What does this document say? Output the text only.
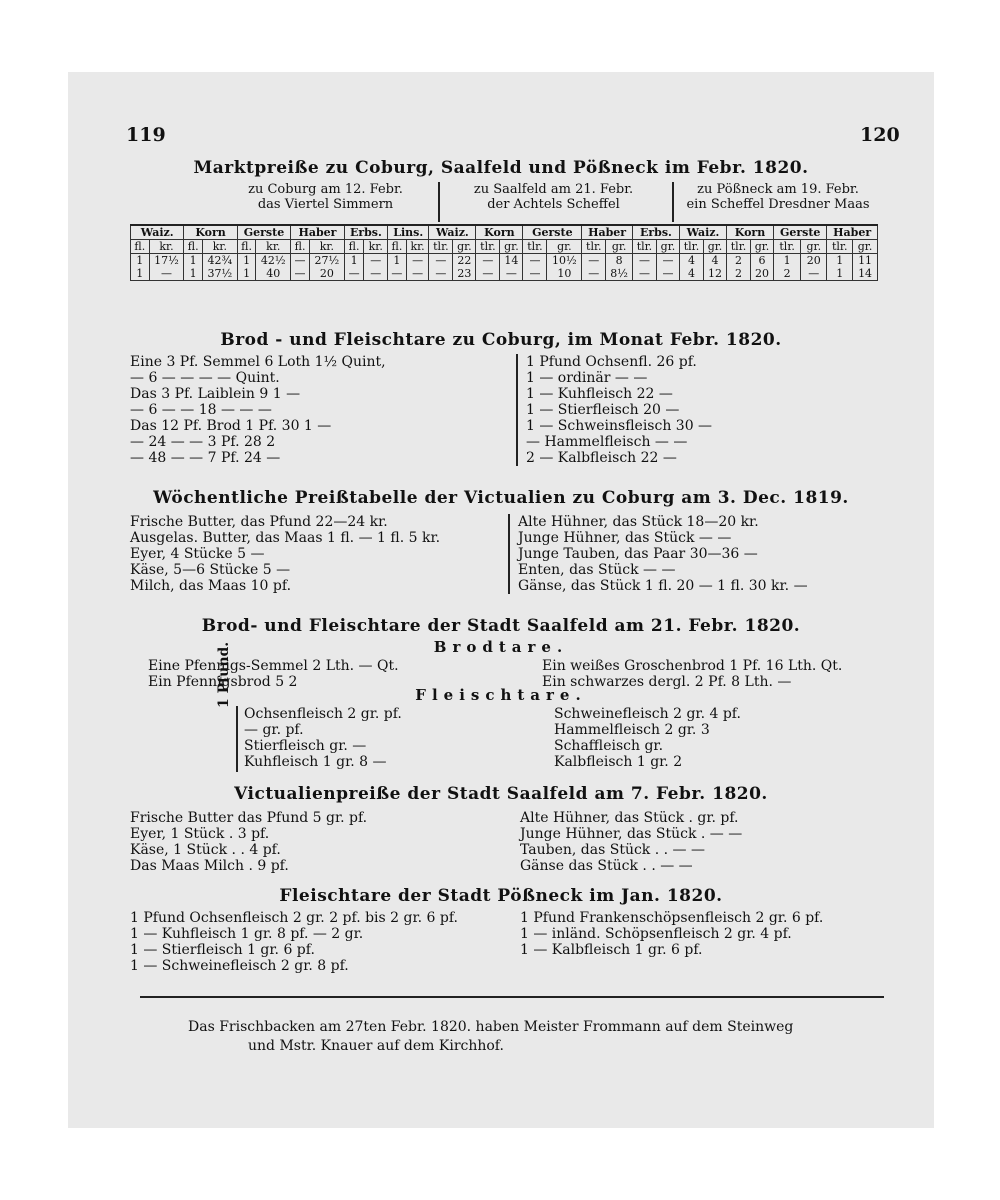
119	120
Marktpreiße zu Coburg, Saalfeld und Pößneck im Febr. 1820.
zu Coburg am 12. Febr.
das Viertel Simmern
zu Saalfeld am 21. Febr.
der Achtels Scheffel
zu Pößneck am 19. Febr.
ein Scheffel Dresdner Maas
Waiz.		Korn		Gerste		Haber		Erbs.		Lins.		Waiz.		Korn		Gerste		Haber		Erbs.		Waiz.		Korn		Gerste		Haber	
fl.	kr.	fl.	kr.	fl.	kr.	fl.	kr.	fl.	kr.	fl.	kr.	tlr.	gr.	tlr.	gr.	tlr.	gr.	tlr.	gr.	tlr.	gr.	tlr.	gr.	tlr.	gr.	tlr.	gr.	tlr.	gr.
1	17½	1	42¾	1	42½	—	27½	1	—	1	—	—	22	—	14	—	10½	—	8	—	—	4	4	2	6	1	20	1	11
1	—	1	37½	1	40	—	20	—	—	—	—	—	23	—	—	—	10	—	8½	—	—	4	12	2	20	2	—	1	14
Brod - und Fleischtare zu Coburg, im Monat Febr. 1820.
Eine 3 Pf. Semmel 6 Loth 1½ Quint,
— 6 — — — — Quint.
Das 3 Pf. Laiblein 9 1 —
— 6 — — 18 — — —
Das 12 Pf. Brod 1 Pf. 30 1 —
— 24 — — 3 Pf. 28 2
— 48 — — 7 Pf. 24 —
1 Pfund Ochsenfl. 26 pf.
1 — ordinär — —
1 — Kuhfleisch 22 —
1 — Stierfleisch 20 —
1 — Schweinsfleisch 30 —
— Hammelfleisch — —
2 — Kalbfleisch 22 —
Wöchentliche Preißtabelle der Victualien zu Coburg am 3. Dec. 1819.
Frische Butter, das Pfund 22—24 kr.
Ausgelas. Butter, das Maas 1 fl. — 1 fl. 5 kr.
Eyer, 4 Stücke 5 —
Käse, 5—6 Stücke 5 —
Milch, das Maas 10 pf.
Alte Hühner, das Stück 18—20 kr.
Junge Hühner, das Stück — —
Junge Tauben, das Paar 30—36 —
Enten, das Stück — —
Gänse, das Stück 1 fl. 20 — 1 fl. 30 kr. —
Brod- und Fleischtare der Stadt Saalfeld am 21. Febr. 1820.
Brodtare.
Eine Pfennigs-Semmel 2 Lth. — Qt.
Ein Pfennigsbrod 5 2
Ein weißes Groschenbrod 1 Pf. 16 Lth. Qt.
Ein schwarzes dergl. 2 Pf. 8 Lth. —
Fleischtare.
1 Pfund.
Ochsenfleisch 2 gr. pf.
— gr. pf.
Stierfleisch gr. —
Kuhfleisch 1 gr. 8 —
Schweinefleisch 2 gr. 4 pf.
Hammelfleisch 2 gr. 3
Schaffleisch gr.
Kalbfleisch 1 gr. 2
Victualienpreiße der Stadt Saalfeld am 7. Febr. 1820.
Frische Butter das Pfund 5 gr. pf.
Eyer, 1 Stück . 3 pf.
Käse, 1 Stück . . 4 pf.
Das Maas Milch . 9 pf.
Alte Hühner, das Stück . gr. pf.
Junge Hühner, das Stück . — —
Tauben, das Stück . . — —
Gänse das Stück . . — —
Fleischtare der Stadt Pößneck im Jan. 1820.
1 Pfund Ochsenfleisch 2 gr. 2 pf. bis 2 gr. 6 pf.
1 — Kuhfleisch 1 gr. 8 pf. — 2 gr.
1 — Stierfleisch 1 gr. 6 pf.
1 — Schweinefleisch 2 gr. 8 pf.
1 Pfund Frankenschöpsenfleisch 2 gr. 6 pf.
1 — inländ. Schöpsenfleisch 2 gr. 4 pf.
1 — Kalbfleisch 1 gr. 6 pf.
Das Frischbacken am 27ten Febr. 1820. haben Meister Frommann auf dem Steinweg
und Mstr. Knauer auf dem Kirchhof.
